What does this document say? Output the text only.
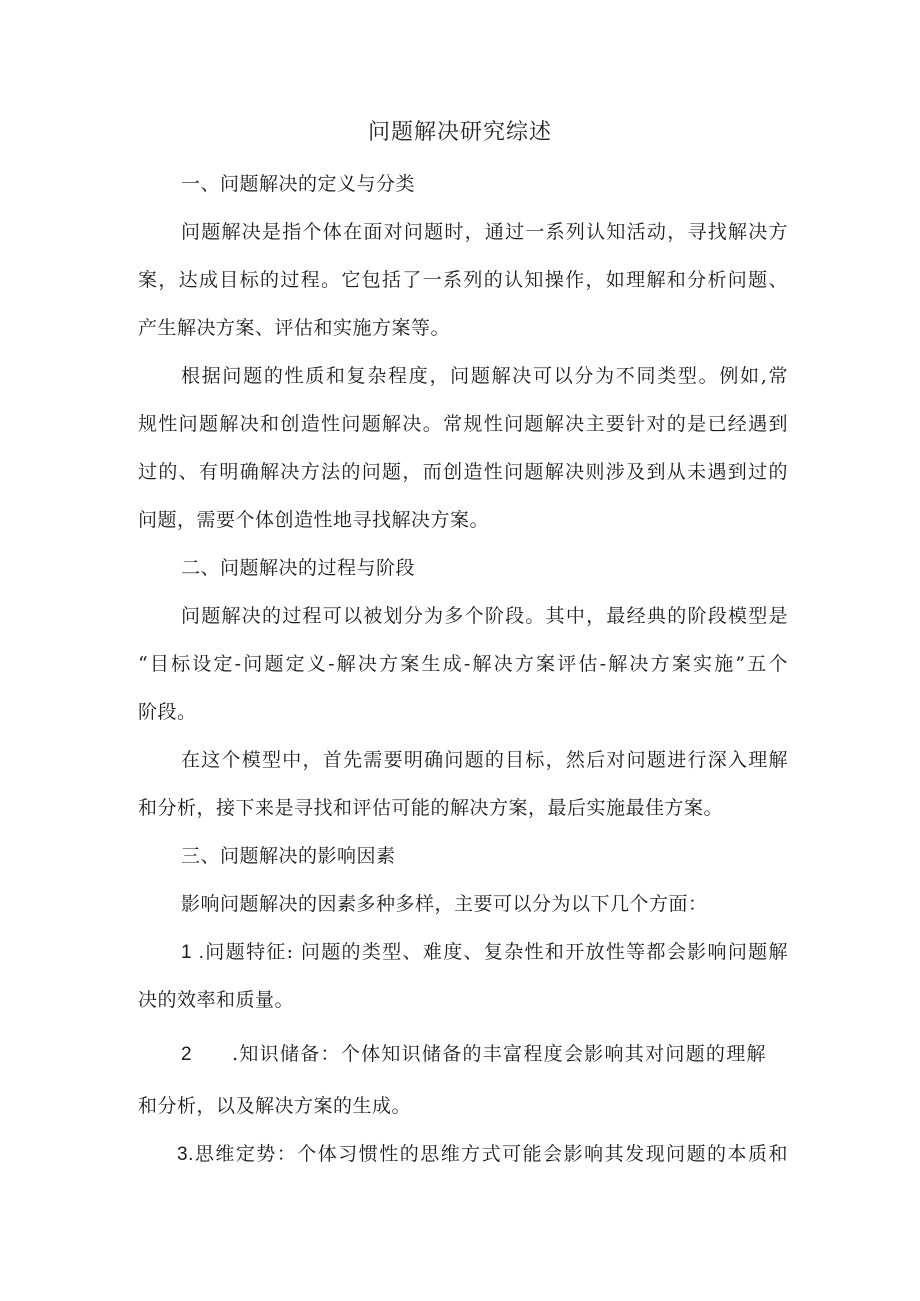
问题解决研究综述
一、问题解决的定义与分类
问题解决是指个体在面对问题时，通过一系列认知活动，寻找解决方
案，达成目标的过程。它包括了一系列的认知操作，如理解和分析问题、
产生解决方案、评估和实施方案等。
根据问题的性质和复杂程度，问题解决可以分为不同类型。例如,常
规性问题解决和创造性问题解决。常规性问题解决主要针对的是已经遇到
过的、有明确解决方法的问题，而创造性问题解决则涉及到从未遇到过的
问题，需要个体创造性地寻找解决方案。
二、问题解决的过程与阶段
问题解决的过程可以被划分为多个阶段。其中，最经典的阶段模型是
“目标设定-问题定义-解决方案生成-解决方案评估-解决方案实施”五个
阶段。
在这个模型中，首先需要明确问题的目标，然后对问题进行深入理解
和分析，接下来是寻找和评估可能的解决方案，最后实施最佳方案。
三、问题解决的影响因素
影响问题解决的因素多种多样，主要可以分为以下几个方面：
1 .问题特征: 问题的类型、难度、复杂性和开放性等都会影响问题解
决的效率和质量。
2 .知识储备：个体知识储备的丰富程度会影响其对问题的理解
和分析，以及解决方案的生成。
3.思维定势：个体习惯性的思维方式可能会影响其发现问题的本质和
